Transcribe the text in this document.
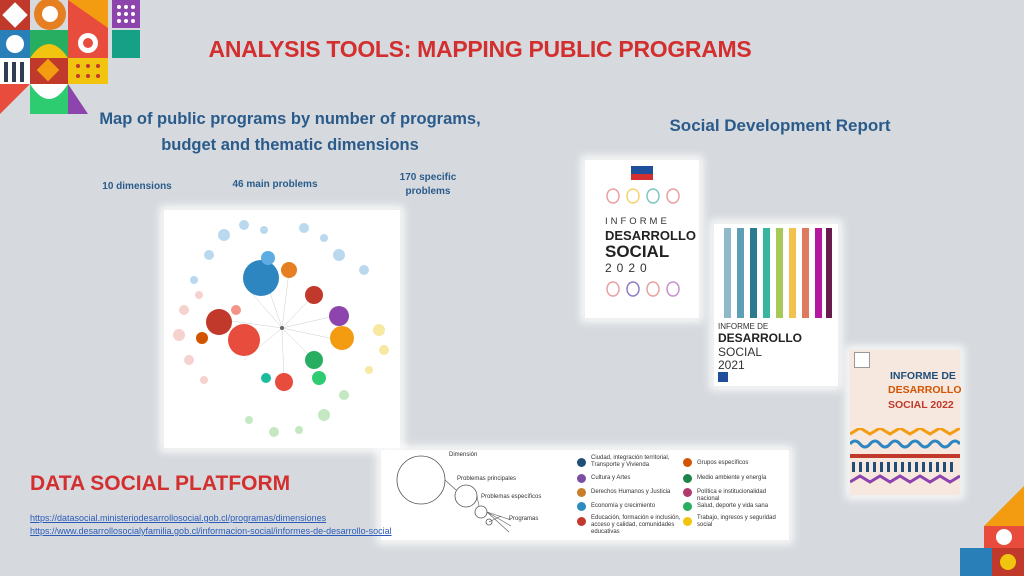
ANALYSIS TOOLS: MAPPING PUBLIC PROGRAMS
Map of public programs by number of programs, budget and thematic dimensions
Social Development Report
10 dimensions	46 main problems
170 specific problems
INFORME
DESARROLLO
SOCIAL
2020
INFORME DE
DESARROLLO
SOCIAL
2021
INFORME DE
DESARROLLO
SOCIAL 2022
Dimensión
Problemas principales
Problemas específicos
Programas
Ciudad, integración territorial, Transporte y Vivienda
Cultura y Artes
Derechos Humanos y Justicia
Economía y crecimiento
Educación, formación e inclusión, acceso y calidad, comunidades educativas
Grupos específicos
Medio ambiente y energía
Política e institucionalidad nacional
Salud, deporte y vida sana
Trabajo, ingresos y seguridad social
DATA SOCIAL PLATFORM
https://datasocial.ministeriodesarrollosocial.gob.cl/programas/dimensiones
https://www.desarrollosocialyfamilia.gob.cl/informacion-social/informes-de-desarrollo-social
